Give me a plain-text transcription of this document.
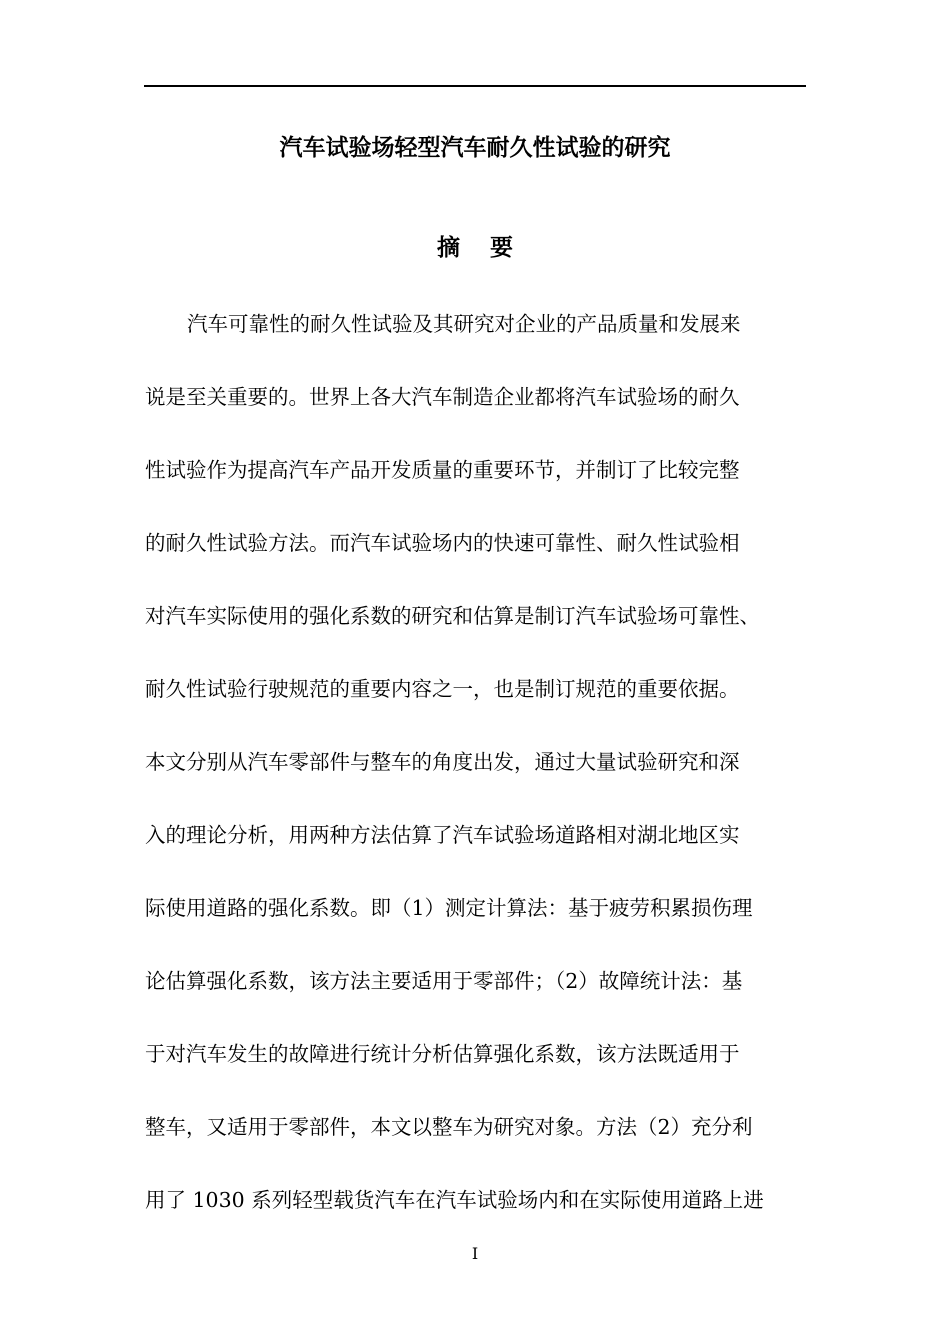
汽车试验场轻型汽车耐久性试验的研究
摘要
汽车可靠性的耐久性试验及其研究对企业的产品质量和发展来
说是至关重要的。世界上各大汽车制造企业都将汽车试验场的耐久
性试验作为提高汽车产品开发质量的重要环节，并制订了比较完整
的耐久性试验方法。而汽车试验场内的快速可靠性、耐久性试验相
对汽车实际使用的强化系数的研究和估算是制订汽车试验场可靠性、
耐久性试验行驶规范的重要内容之一，也是制订规范的重要依据。
本文分别从汽车零部件与整车的角度出发，通过大量试验研究和深
入的理论分析，用两种方法估算了汽车试验场道路相对湖北地区实
际使用道路的强化系数。即（1）测定计算法：基于疲劳积累损伤理
论估算强化系数，该方法主要适用于零部件；（2）故障统计法：基
于对汽车发生的故障进行统计分析估算强化系数，该方法既适用于
整车，又适用于零部件，本文以整车为研究对象。方法（2）充分利
用了 1030 系列轻型载货汽车在汽车试验场内和在实际使用道路上进
I
